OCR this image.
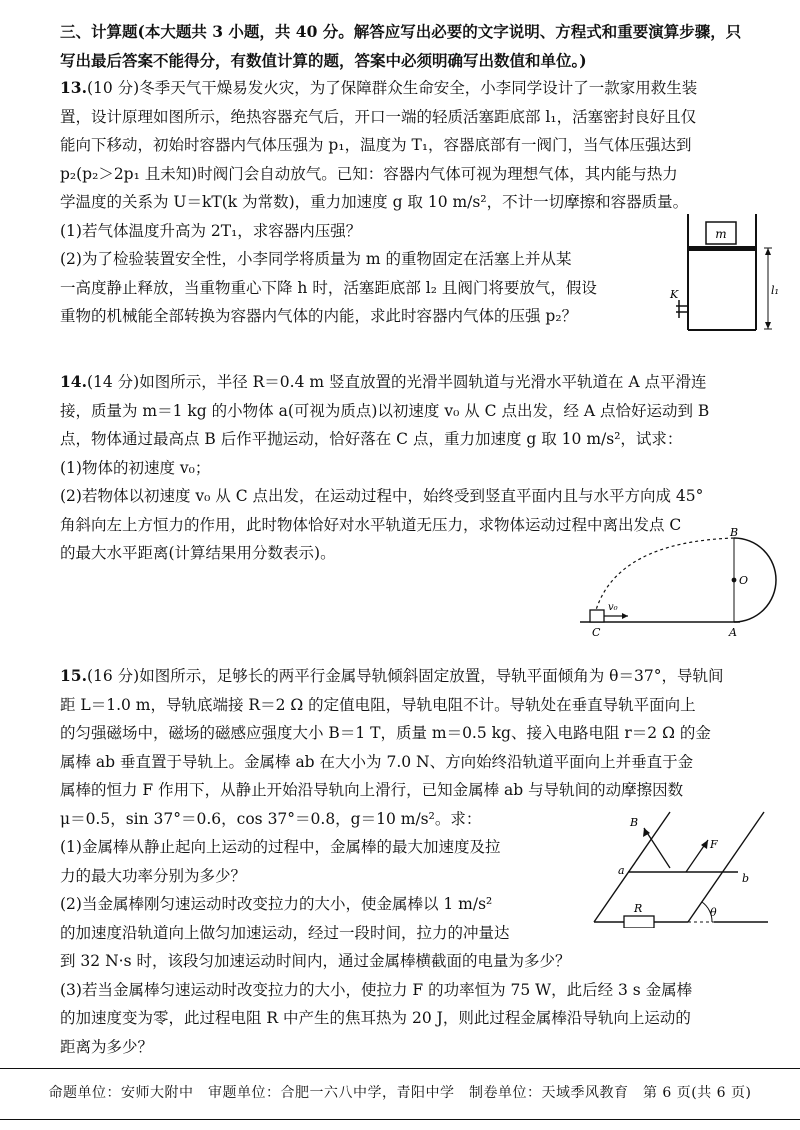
三、计算题(本大题共 3 小题，共 40 分。解答应写出必要的文字说明、方程式和重要演算步骤，只

写出最后答案不能得分，有数值计算的题，答案中必须明确写出数值和单位。)

13.(10 分)冬季天气干燥易发火灾，为了保障群众生命安全，小李同学设计了一款家用救生装

置，设计原理如图所示，绝热容器充气后，开口一端的轻质活塞距底部 l₁，活塞密封良好且仅

能向下移动，初始时容器内气体压强为 p₁，温度为 T₁，容器底部有一阀门，当气体压强达到

p₂(p₂＞2p₁ 且未知)时阀门会自动放气。已知：容器内气体可视为理想气体，其内能与热力

学温度的关系为 U＝kT(k 为常数)，重力加速度 g 取 10 m/s²，不计一切摩擦和容器质量。

(1)若气体温度升高为 2T₁，求容器内压强？

(2)为了检验装置安全性，小李同学将质量为 m 的重物固定在活塞上并从某

一高度静止释放，当重物重心下降 h 时，活塞距底部 l₂ 且阀门将要放气，假设

重物的机械能全部转换为容器内气体的内能，求此时容器内气体的压强 p₂？

m
K	l₁

14.(14 分)如图所示，半径 R＝0.4 m 竖直放置的光滑半圆轨道与光滑水平轨道在 A 点平滑连

接，质量为 m＝1 kg 的小物体 a(可视为质点)以初速度 v₀ 从 C 点出发，经 A 点恰好运动到 B

点，物体通过最高点 B 后作平抛运动，恰好落在 C 点，重力加速度 g 取 10 m/s²，试求：

(1)物体的初速度 v₀；

(2)若物体以初速度 v₀ 从 C 点出发，在运动过程中，始终受到竖直平面内且与水平方向成 45°

角斜向左上方恒力的作用，此时物体恰好对水平轨道无压力，求物体运动过程中离出发点 C

的最大水平距离(计算结果用分数表示)。

v₀
B
O
C	A

15.(16 分)如图所示，足够长的两平行金属导轨倾斜固定放置，导轨平面倾角为 θ＝37°，导轨间

距 L＝1.0 m，导轨底端接 R＝2 Ω 的定值电阻，导轨电阻不计。导轨处在垂直导轨平面向上

的匀强磁场中，磁场的磁感应强度大小 B＝1 T，质量 m＝0.5 kg、接入电路电阻 r＝2 Ω 的金

属棒 ab 垂直置于导轨上。金属棒 ab 在大小为 7.0 N、方向始终沿轨道平面向上并垂直于金

属棒的恒力 F 作用下，从静止开始沿导轨向上滑行，已知金属棒 ab 与导轨间的动摩擦因数

μ＝0.5，sin 37°＝0.6，cos 37°＝0.8，g＝10 m/s²。求：

(1)金属棒从静止起向上运动的过程中，金属棒的最大加速度及拉

力的最大功率分别为多少？

(2)当金属棒刚匀速运动时改变拉力的大小，使金属棒以 1 m/s²

的加速度沿轨道向上做匀加速运动，经过一段时间，拉力的冲量达

到 32 N·s 时，该段匀加速运动时间内，通过金属棒横截面的电量为多少？

(3)若当金属棒匀速运动时改变拉力的大小，使拉力 F 的功率恒为 75 W，此后经 3 s 金属棒

的加速度变为零，此过程电阻 R 中产生的焦耳热为 20 J，则此过程金属棒沿导轨向上运动的

距离为多少？

R	θ
a
b
B
F
命题单位：安师大附中　审题单位：合肥一六八中学，青阳中学　制卷单位：天域季风教育　第 6 页(共 6 页)
